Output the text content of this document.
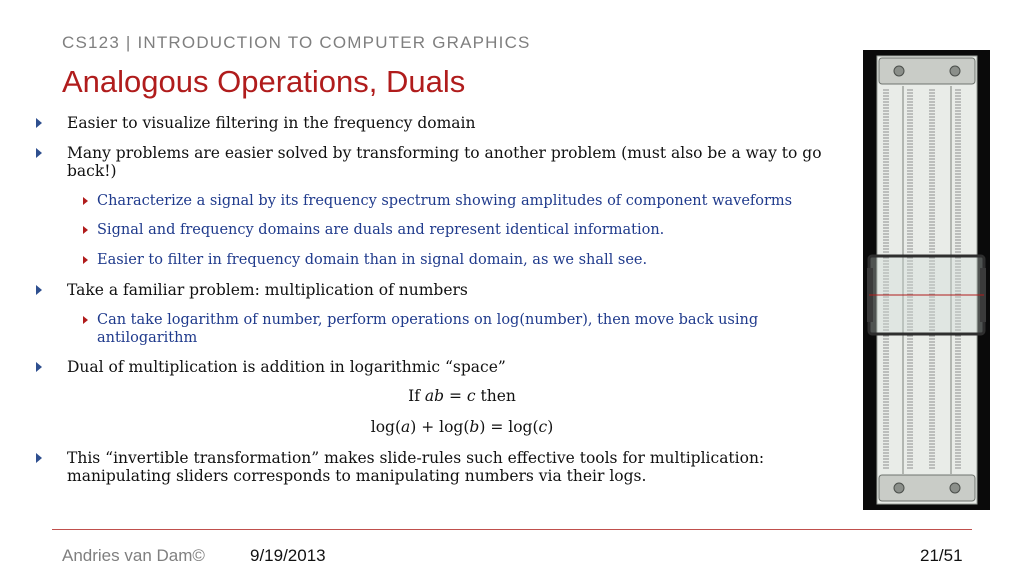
CS123 | INTRODUCTION TO COMPUTER GRAPHICS
Analogous Operations, Duals
Easier to visualize filtering in the frequency domain
Many problems are easier solved by transforming to another problem (must also be a way to go back!)
Characterize a signal by its frequency spectrum showing amplitudes of component waveforms
Signal and frequency domains are duals and represent identical information.
Easier to filter in frequency domain than in signal domain, as we shall see.
Take a familiar problem: multiplication of numbers
Can take logarithm of number, perform operations on log(number), then move back using antilogarithm
Dual of multiplication is addition in logarithmic “space”
If ab = c then
log(a) + log(b) = log(c)
This “invertible transformation” makes slide-rules such effective tools for multiplication: manipulating sliders corresponds to manipulating numbers via their logs.
Andries van Dam©	9/19/2013	21/51
